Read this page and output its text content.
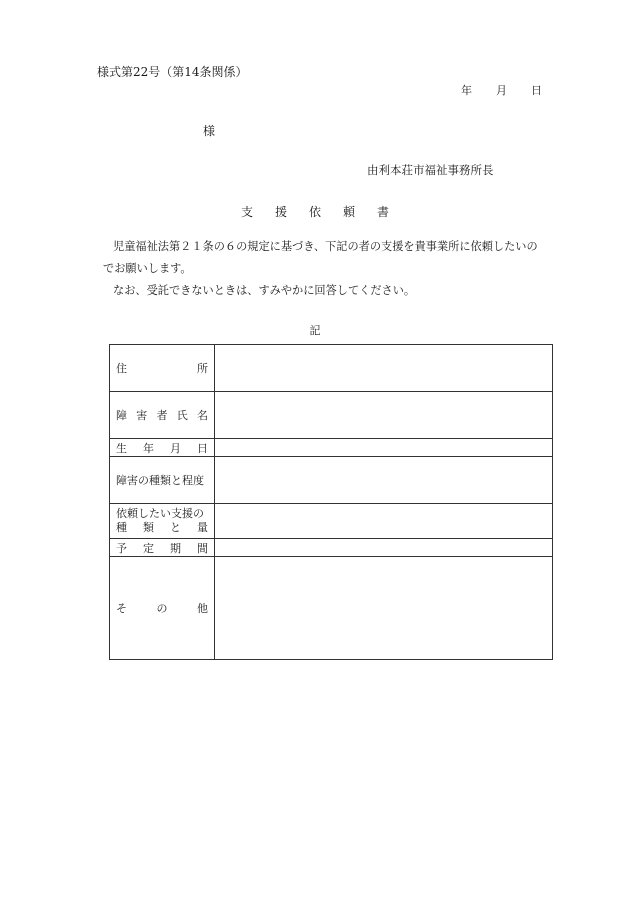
様式第22号（第14条関係）
年 月 日
様
由利本荘市福祉事務所長
支 援 依 頼 書
児童福祉法第２１条の６の規定に基づき、下記の者の支援を貴事業所に依頼したいの
でお願いします。
なお、受託できないときは、すみやかに回答してください。
記
住	所
障 害 者 氏 名
生 年 月 日
障害の種類と程度
依頼したい支援の
種 類 と 量
予 定 期 間
そ	の	他
